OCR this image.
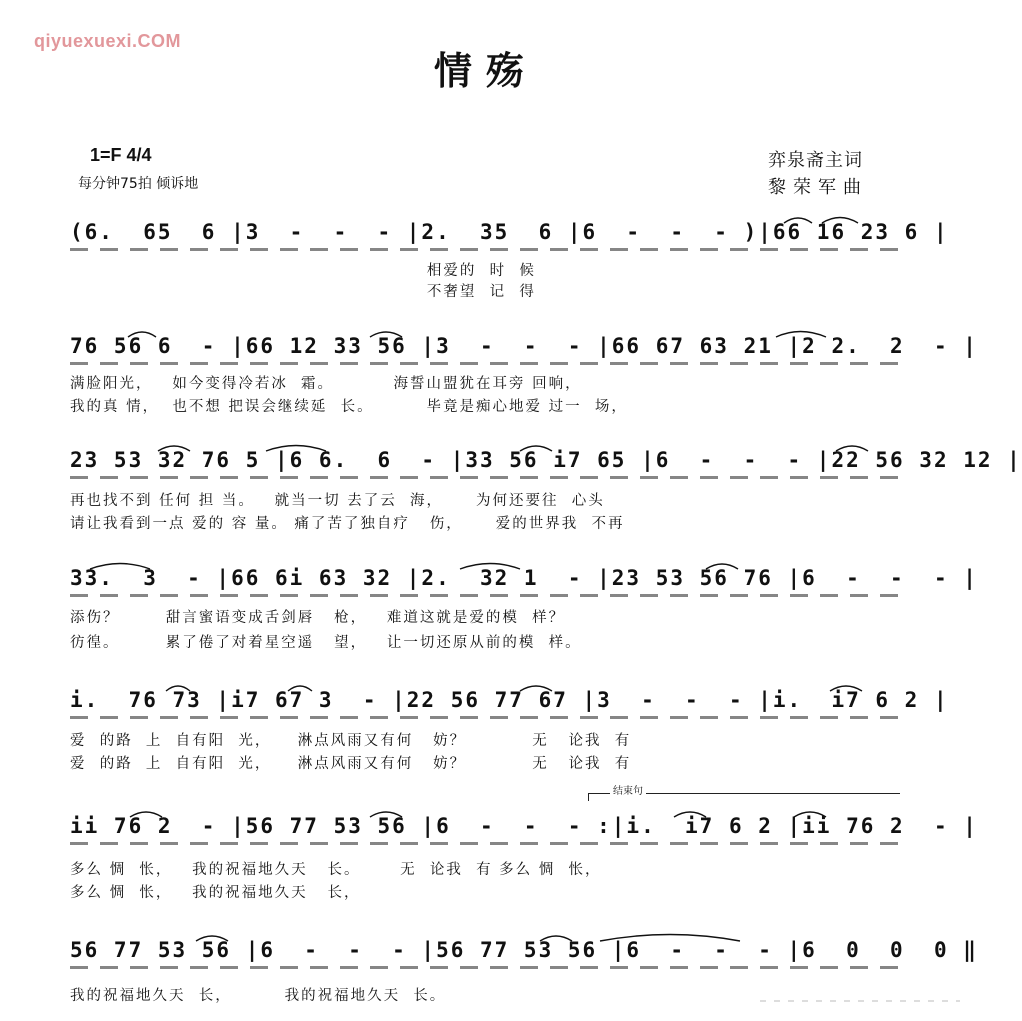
qiyuexuexi.COM
情殇
1=F 4/4
每分钟75拍 倾诉地
弈泉斋主词
黎荣军曲
(6.  65  6 |3  -  -  - |2.  35  6 |6  -  -  - )|66 16 23 6 |
相爱的  时  候
不奢望  记  得
76 56 6  - |66 12 33 56 |3  -  -  - |66 67 63 21 |2 2.  2  - |
满脸阳光，   如今变得冷若冰  霜。         海誓山盟犹在耳旁 回响，
我的真 情，  也不想 把误会继续延  长。        毕竟是痴心地爱 过一  场，
23 53 32 76 5 |6 6.  6  - |33 56 i7 65 |6  -  -  - |22 56 32 12 |
再也找不到 任何 担 当。   就当一切 去了云  海，     为何还要往  心头
请让我看到一点 爱的 容 量。 痛了苦了独自疗   伤，     爱的世界我  不再
33.  3  - |66 6i 63 32 |2.  32 1  - |23 53 56 76 |6  -  -  - |
添伤？       甜言蜜语变成舌剑唇   枪，   难道这就是爱的模  样？
彷徨。       累了倦了对着星空遥   望，   让一切还原从前的模  样。
i.  76 73 |i7 67 3  - |22 56 77 67 |3  -  -  - |i.  i7 6 2 |
爱  的路  上  自有阳  光，    淋点风雨又有何   妨？          无   论我  有
爱  的路  上  自有阳  光，    淋点风雨又有何   妨？          无   论我  有
结束句
ii 76 2  - |56 77 53 56 |6  -  -  - :|i.  i7 6 2 |ii 76 2  - |
多么 惆  怅，   我的祝福地久天   长。      无  论我  有 多么 惆  怅，
多么 惆  怅，   我的祝福地久天   长，
56 77 53 56 |6  -  -  - |56 77 53 56 |6  -  -  - |6  0  0  0 ‖
我的祝福地久天  长，        我的祝福地久天  长。
